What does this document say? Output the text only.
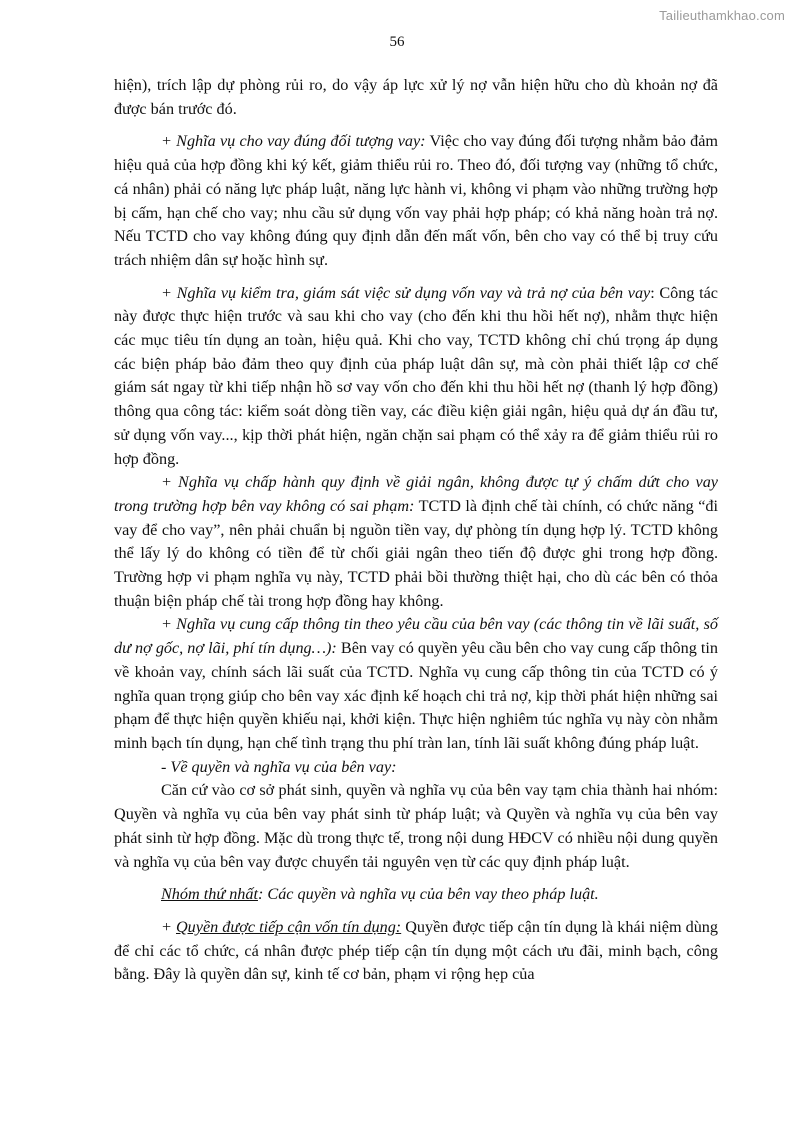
Tailieuthamkhao.com
56

hiện), trích lập dự phòng rủi ro, do vậy áp lực xử lý nợ vẫn hiện hữu cho dù khoản nợ đã được bán trước đó.

+ Nghĩa vụ cho vay đúng đối tượng vay: Việc cho vay đúng đối tượng nhằm bảo đảm hiệu quả của hợp đồng khi ký kết, giảm thiểu rủi ro. Theo đó, đối tượng vay (những tổ chức, cá nhân) phải có năng lực pháp luật, năng lực hành vi, không vi phạm vào những trường hợp bị cấm, hạn chế cho vay; nhu cầu sử dụng vốn vay phải hợp pháp; có khả năng hoàn trả nợ. Nếu TCTD cho vay không đúng quy định dẫn đến mất vốn, bên cho vay có thể bị truy cứu trách nhiệm dân sự hoặc hình sự.

+ Nghĩa vụ kiểm tra, giám sát việc sử dụng vốn vay và trả nợ của bên vay: Công tác này được thực hiện trước và sau khi cho vay (cho đến khi thu hồi hết nợ), nhằm thực hiện các mục tiêu tín dụng an toàn, hiệu quả. Khi cho vay, TCTD không chỉ chú trọng áp dụng các biện pháp bảo đảm theo quy định của pháp luật dân sự, mà còn phải thiết lập cơ chế giám sát ngay từ khi tiếp nhận hồ sơ vay vốn cho đến khi thu hồi hết nợ (thanh lý hợp đồng) thông qua công tác: kiểm soát dòng tiền vay, các điều kiện giải ngân, hiệu quả dự án đầu tư, sử dụng vốn vay..., kịp thời phát hiện, ngăn chặn sai phạm có thể xảy ra để giảm thiểu rủi ro hợp đồng.

+ Nghĩa vụ chấp hành quy định về giải ngân, không được tự ý chấm dứt cho vay trong trường hợp bên vay không có sai phạm: TCTD là định chế tài chính, có chức năng “đi vay để cho vay”, nên phải chuẩn bị nguồn tiền vay, dự phòng tín dụng hợp lý. TCTD không thể lấy lý do không có tiền để từ chối giải ngân theo tiến độ được ghi trong hợp đồng. Trường hợp vi phạm nghĩa vụ này, TCTD phải bồi thường thiệt hại, cho dù các bên có thỏa thuận biện pháp chế tài trong hợp đồng hay không.

+ Nghĩa vụ cung cấp thông tin theo yêu cầu của bên vay (các thông tin về lãi suất, số dư nợ gốc, nợ lãi, phí tín dụng…): Bên vay có quyền yêu cầu bên cho vay cung cấp thông tin về khoản vay, chính sách lãi suất của TCTD. Nghĩa vụ cung cấp thông tin của TCTD có ý nghĩa quan trọng giúp cho bên vay xác định kế hoạch chi trả nợ, kịp thời phát hiện những sai phạm để thực hiện quyền khiếu nại, khởi kiện. Thực hiện nghiêm túc nghĩa vụ này còn nhằm minh bạch tín dụng, hạn chế tình trạng thu phí tràn lan, tính lãi suất không đúng pháp luật.

- Về quyền và nghĩa vụ của bên vay:

Căn cứ vào cơ sở phát sinh, quyền và nghĩa vụ của bên vay tạm chia thành hai nhóm: Quyền và nghĩa vụ của bên vay phát sinh từ pháp luật; và Quyền và nghĩa vụ của bên vay phát sinh từ hợp đồng. Mặc dù trong thực tế, trong nội dung HĐCV có nhiều nội dung quyền và nghĩa vụ của bên vay được chuyển tải nguyên vẹn từ các quy định pháp luật.

Nhóm thứ nhất: Các quyền và nghĩa vụ của bên vay theo pháp luật.

+ Quyền được tiếp cận vốn tín dụng: Quyền được tiếp cận tín dụng là khái niệm dùng để chỉ các tổ chức, cá nhân được phép tiếp cận tín dụng một cách ưu đãi, minh bạch, công bằng. Đây là quyền dân sự, kinh tế cơ bản, phạm vi rộng hẹp của
